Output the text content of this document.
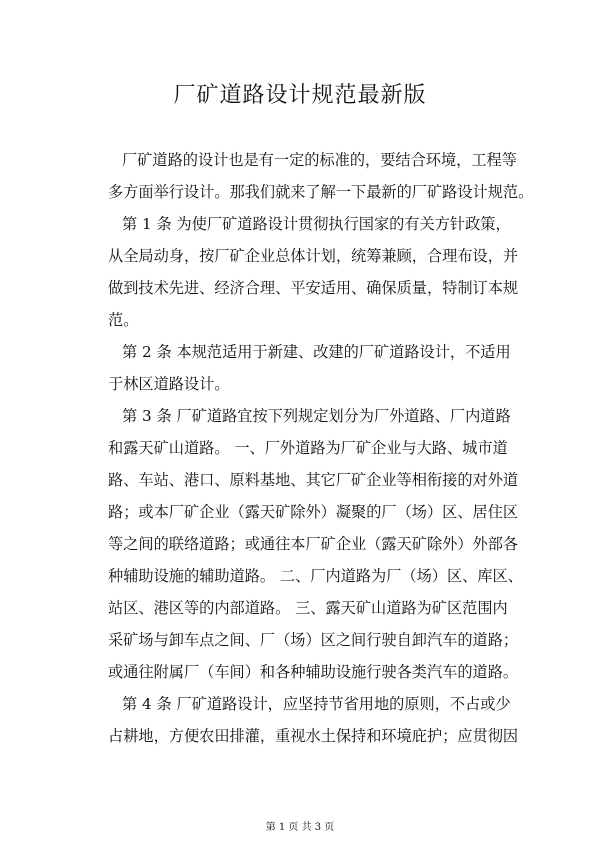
厂矿道路设计规范最新版
厂矿道路的设计也是有一定的标准的，要结合环境，工程等
多方面举行设计。那我们就来了解一下最新的厂矿路设计规范。
第 1 条 为使厂矿道路设计贯彻执行国家的有关方针政策，
从全局动身，按厂矿企业总体计划，统筹兼顾，合理布设，并
做到技术先进、经济合理、平安适用、确保质量，特制订本规
范。
第 2 条 本规范适用于新建、改建的厂矿道路设计，不适用
于林区道路设计。
第 3 条 厂矿道路宜按下列规定划分为厂外道路、厂内道路
和露天矿山道路。 一、厂外道路为厂矿企业与大路、城市道
路、车站、港口、原料基地、其它厂矿企业等相衔接的对外道
路；或本厂矿企业（露天矿除外）凝聚的厂（场）区、居住区
等之间的联络道路；或通往本厂矿企业（露天矿除外）外部各
种辅助设施的辅助道路。 二、厂内道路为厂（场）区、库区、
站区、港区等的内部道路。 三、露天矿山道路为矿区范围内
采矿场与卸车点之间、厂（场）区之间行驶自卸汽车的道路；
或通往附属厂（车间）和各种辅助设施行驶各类汽车的道路。
第 4 条 厂矿道路设计，应坚持节省用地的原则，不占或少
占耕地，方便农田排灌，重视水土保持和环境庇护；应贯彻因
第 1 页 共 3 页
